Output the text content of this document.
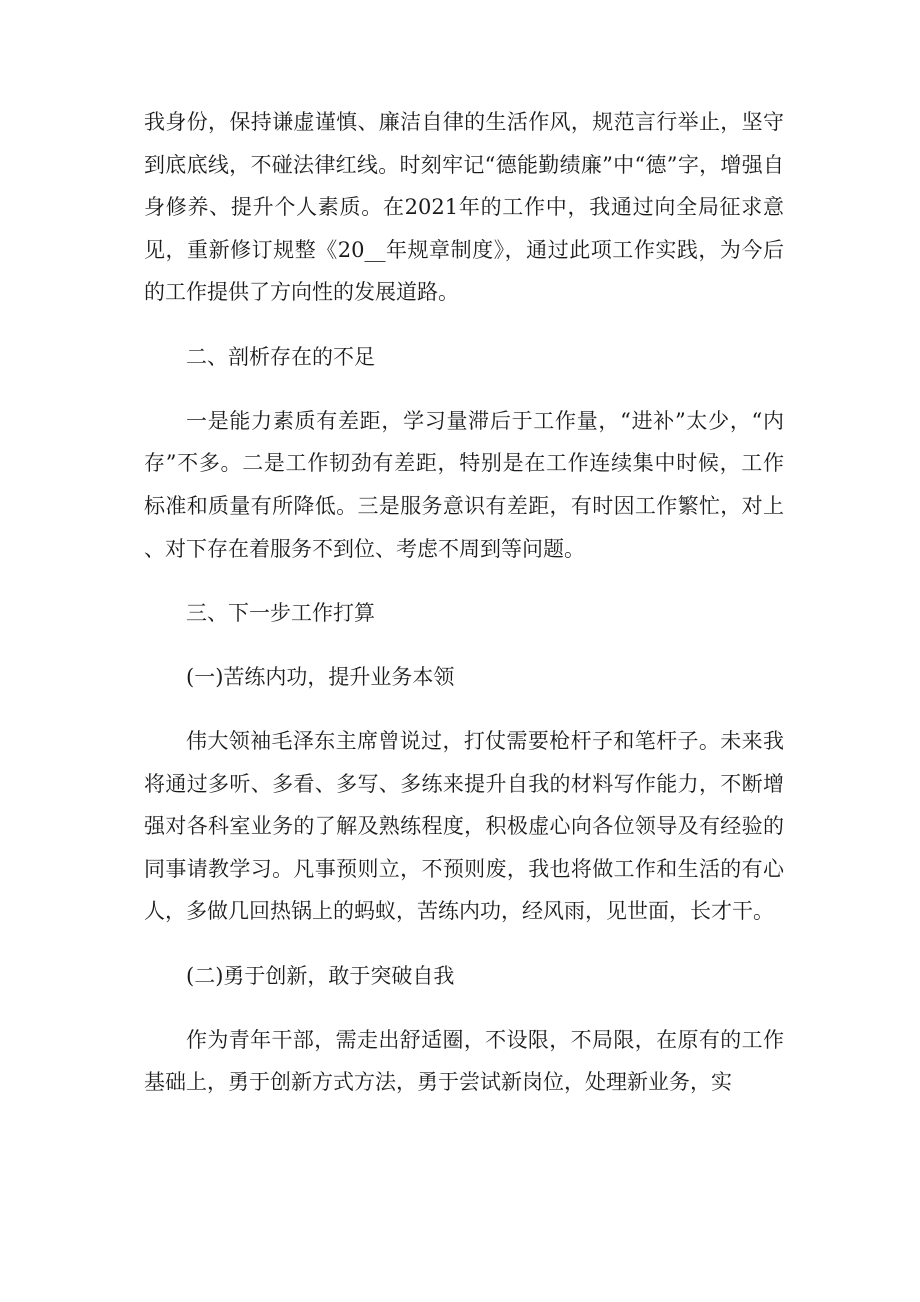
我身份，保持谦虚谨慎、廉洁自律的生活作风，规范言行举止，坚守到底底线，不碰法律红线。时刻牢记“德能勤绩廉”中“德”字，增强自身修养、提升个人素质。在2021年的工作中，我通过向全局征求意见，重新修订规整《20__年规章制度》，通过此项工作实践，为今后的工作提供了方向性的发展道路。

二、剖析存在的不足

一是能力素质有差距，学习量滞后于工作量，“进补”太少，“内存”不多。二是工作韧劲有差距，特别是在工作连续集中时候，工作标准和质量有所降低。三是服务意识有差距，有时因工作繁忙，对上、对下存在着服务不到位、考虑不周到等问题。

三、下一步工作打算

(一)苦练内功，提升业务本领

伟大领袖毛泽东主席曾说过，打仗需要枪杆子和笔杆子。未来我将通过多听、多看、多写、多练来提升自我的材料写作能力，不断增强对各科室业务的了解及熟练程度，积极虚心向各位领导及有经验的同事请教学习。凡事预则立，不预则废，我也将做工作和生活的有心人，多做几回热锅上的蚂蚁，苦练内功，经风雨，见世面，长才干。

(二)勇于创新，敢于突破自我

作为青年干部，需走出舒适圈，不设限，不局限，在原有的工作基础上，勇于创新方式方法，勇于尝试新岗位，处理新业务，实
